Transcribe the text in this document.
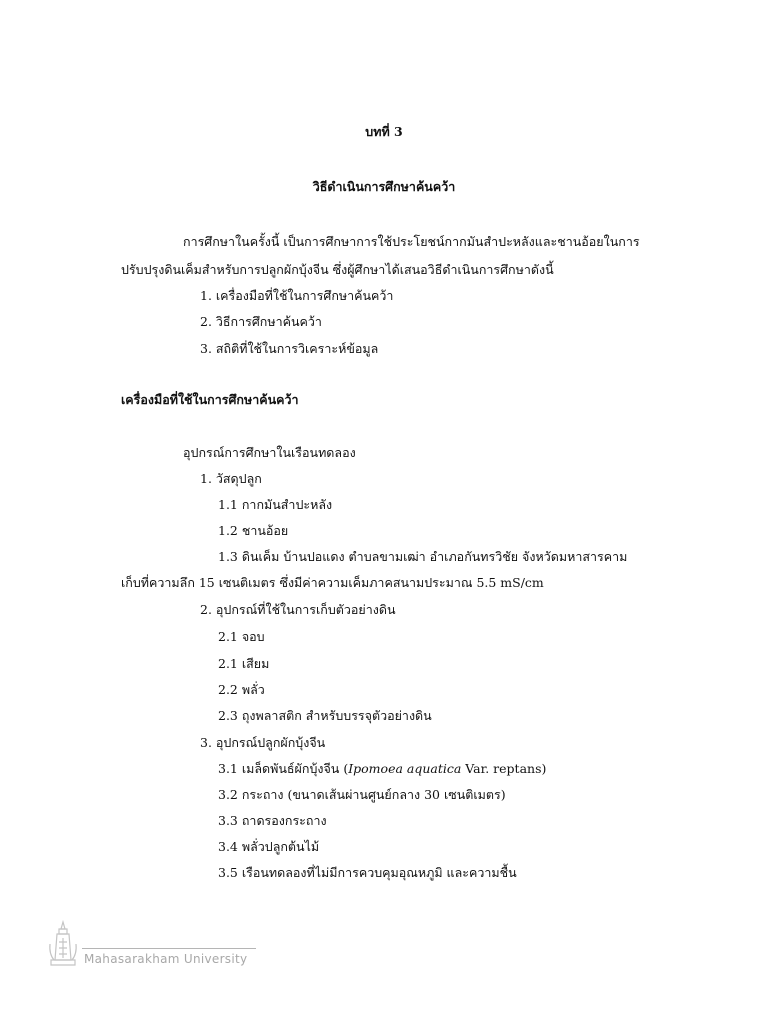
บทที่ 3
วิธีดำเนินการศึกษาค้นคว้า
การศึกษาในครั้งนี้ เป็นการศึกษาการใช้ประโยชน์กากมันสำปะหลังและชานอ้อยในการ
ปรับปรุงดินเค็มสำหรับการปลูกผักบุ้งจีน ซึ่งผู้ศึกษาได้เสนอวิธีดำเนินการศึกษาดังนี้
1. เครื่องมือที่ใช้ในการศึกษาค้นคว้า
2. วิธีการศึกษาค้นคว้า
3. สถิติที่ใช้ในการวิเคราะห์ข้อมูล
เครื่องมือที่ใช้ในการศึกษาค้นคว้า
อุปกรณ์การศึกษาในเรือนทดลอง
1. วัสดุปลูก
1.1 กากมันสำปะหลัง
1.2 ชานอ้อย
1.3 ดินเค็ม บ้านปอแดง ตำบลขามเฒ่า อำเภอกันทรวิชัย จังหวัดมหาสารคาม
เก็บที่ความลึก 15 เซนติเมตร ซึ่งมีค่าความเค็มภาคสนามประมาณ 5.5 mS/cm
2. อุปกรณ์ที่ใช้ในการเก็บตัวอย่างดิน
2.1 จอบ
2.1 เสียม
2.2 พลั่ว
2.3 ถุงพลาสติก สำหรับบรรจุตัวอย่างดิน
3. อุปกรณ์ปลูกผักบุ้งจีน
3.1 เมล็ดพันธ์ผักบุ้งจีน (Ipomoea aquatica Var. reptans)
3.2 กระถาง (ขนาดเส้นผ่านศูนย์กลาง 30 เซนติเมตร)
3.3 ถาดรองกระถาง
3.4 พลั่วปลูกต้นไม้
3.5 เรือนทดลองที่ไม่มีการควบคุมอุณหภูมิ และความชื้น
Mahasarakham University
